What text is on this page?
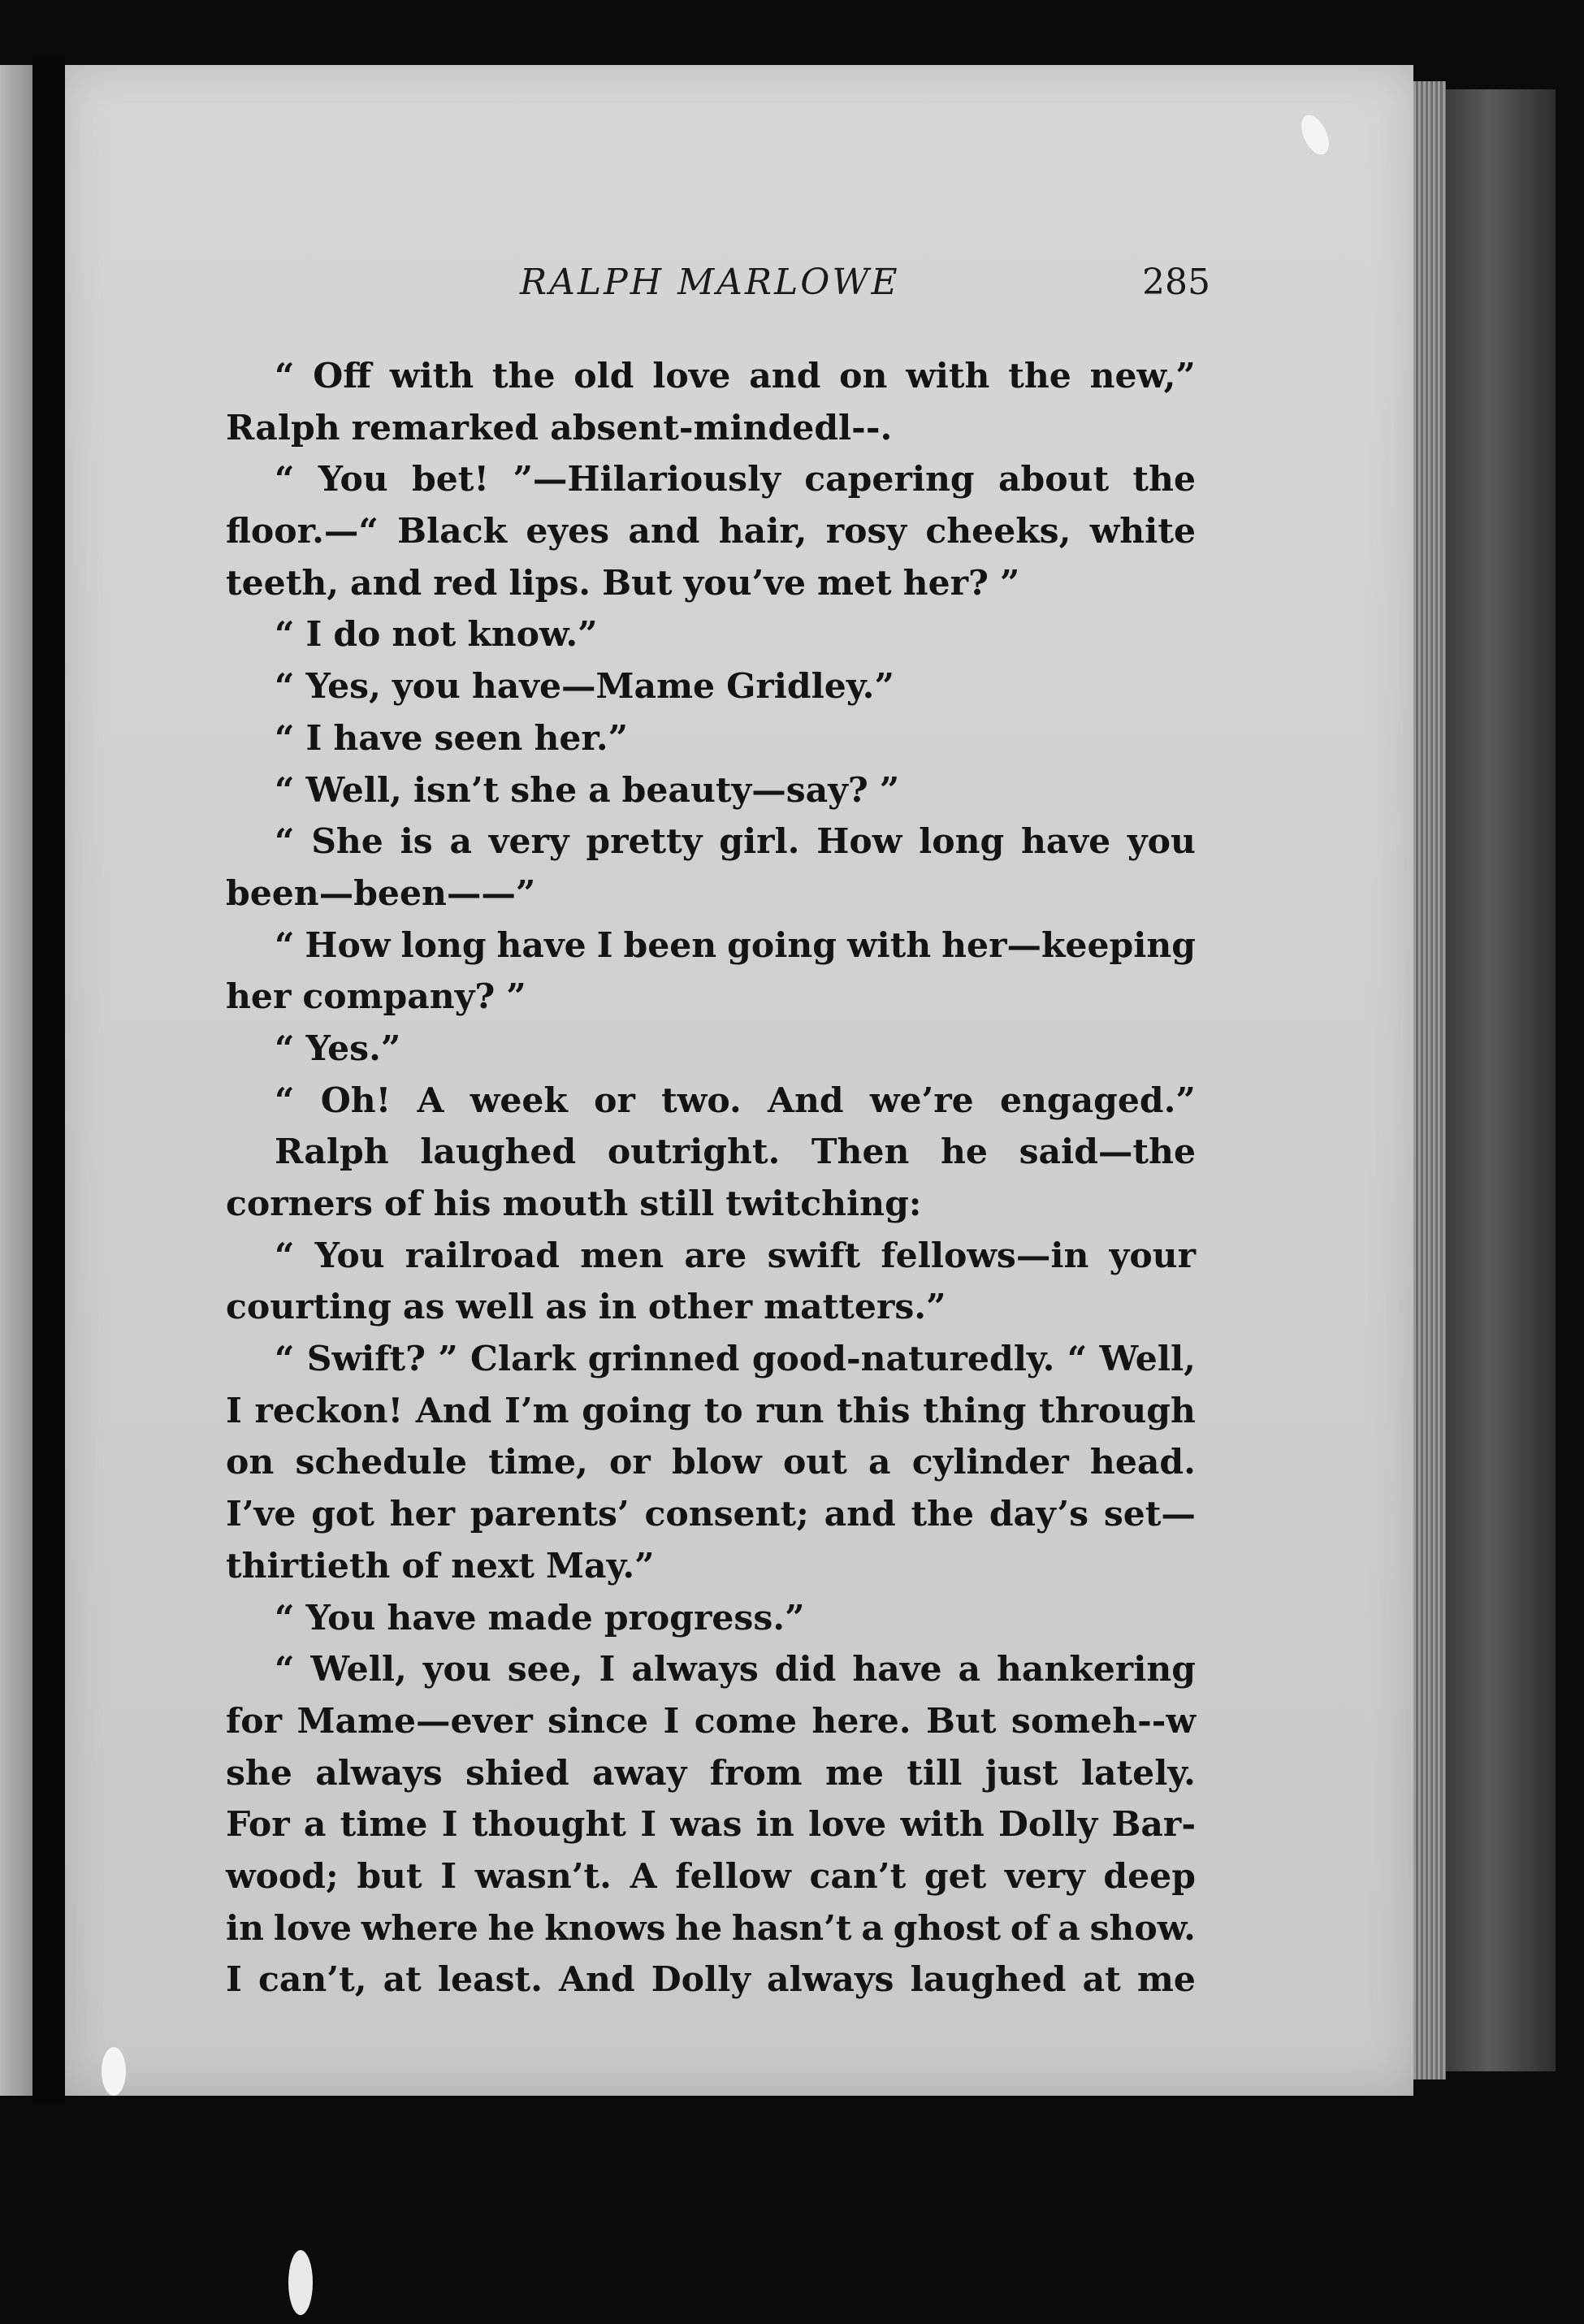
RALPH MARLOWE	285
“ Off with the old love and on with the new,”
Ralph remarked absent-mindedl--.
“ You bet! ”—Hilariously capering about the
floor.—“ Black eyes and hair, rosy cheeks, white
teeth, and red lips. But you’ve met her? ”
“ I do not know.”
“ Yes, you have—Mame Gridley.”
“ I have seen her.”
“ Well, isn’t she a beauty—say? ”
“ She is a very pretty girl. How long have you
been—been——”
“ How long have I been going with her—keeping
her company? ”
“ Yes.”
“ Oh! A week or two. And we’re engaged.”
Ralph laughed outright. Then he said—the
corners of his mouth still twitching:
“ You railroad men are swift fellows—in your
courting as well as in other matters.”
“ Swift? ” Clark grinned good-naturedly. “ Well,
I reckon! And I’m going to run this thing through
on schedule time, or blow out a cylinder head.
I’ve got her parents’ consent; and the day’s set—
thirtieth of next May.”
“ You have made progress.”
“ Well, you see, I always did have a hankering
for Mame—ever since I come here. But someh--w
she always shied away from me till just lately.
For a time I thought I was in love with Dolly Bar-
wood; but I wasn’t. A fellow can’t get very deep
in love where he knows he hasn’t a ghost of a show.
I can’t, at least. And Dolly always laughed at me
